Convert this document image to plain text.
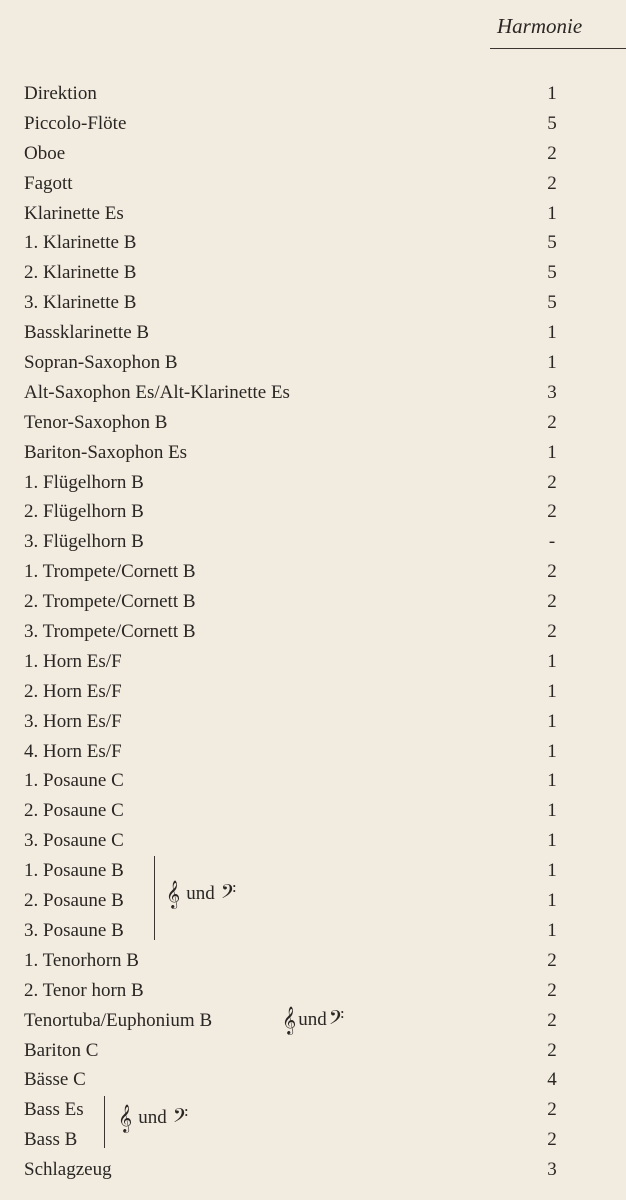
Harmonie
Direktion	1
Piccolo-Flöte	5
Oboe	2
Fagott	2
Klarinette Es	1
1. Klarinette B	5
2. Klarinette B	5
3. Klarinette B	5
Bassklarinette B	1
Sopran-Saxophon B	1
Alt-Saxophon Es/Alt-Klarinette Es	3
Tenor-Saxophon B	2
Bariton-Saxophon Es	1
1. Flügelhorn B	2
2. Flügelhorn B	2
3. Flügelhorn B	-
1. Trompete/Cornett B	2
2. Trompete/Cornett B	2
3. Trompete/Cornett B	2
1. Horn Es/F	1
2. Horn Es/F	1
3. Horn Es/F	1
4. Horn Es/F	1
1. Posaune C	1
2. Posaune C	1
3. Posaune C	1
1. Posaune B	1
2. Posaune B	1
3. Posaune B	1
1. Tenorhorn B	2
2. Tenor horn B	2
Tenortuba/Euphonium B	2
Bariton C	2
Bässe C	4
Bass Es	2
Bass B	2
Schlagzeug	3
𝄞 und 𝄢
𝄞 und 𝄢
𝄞 und 𝄢
